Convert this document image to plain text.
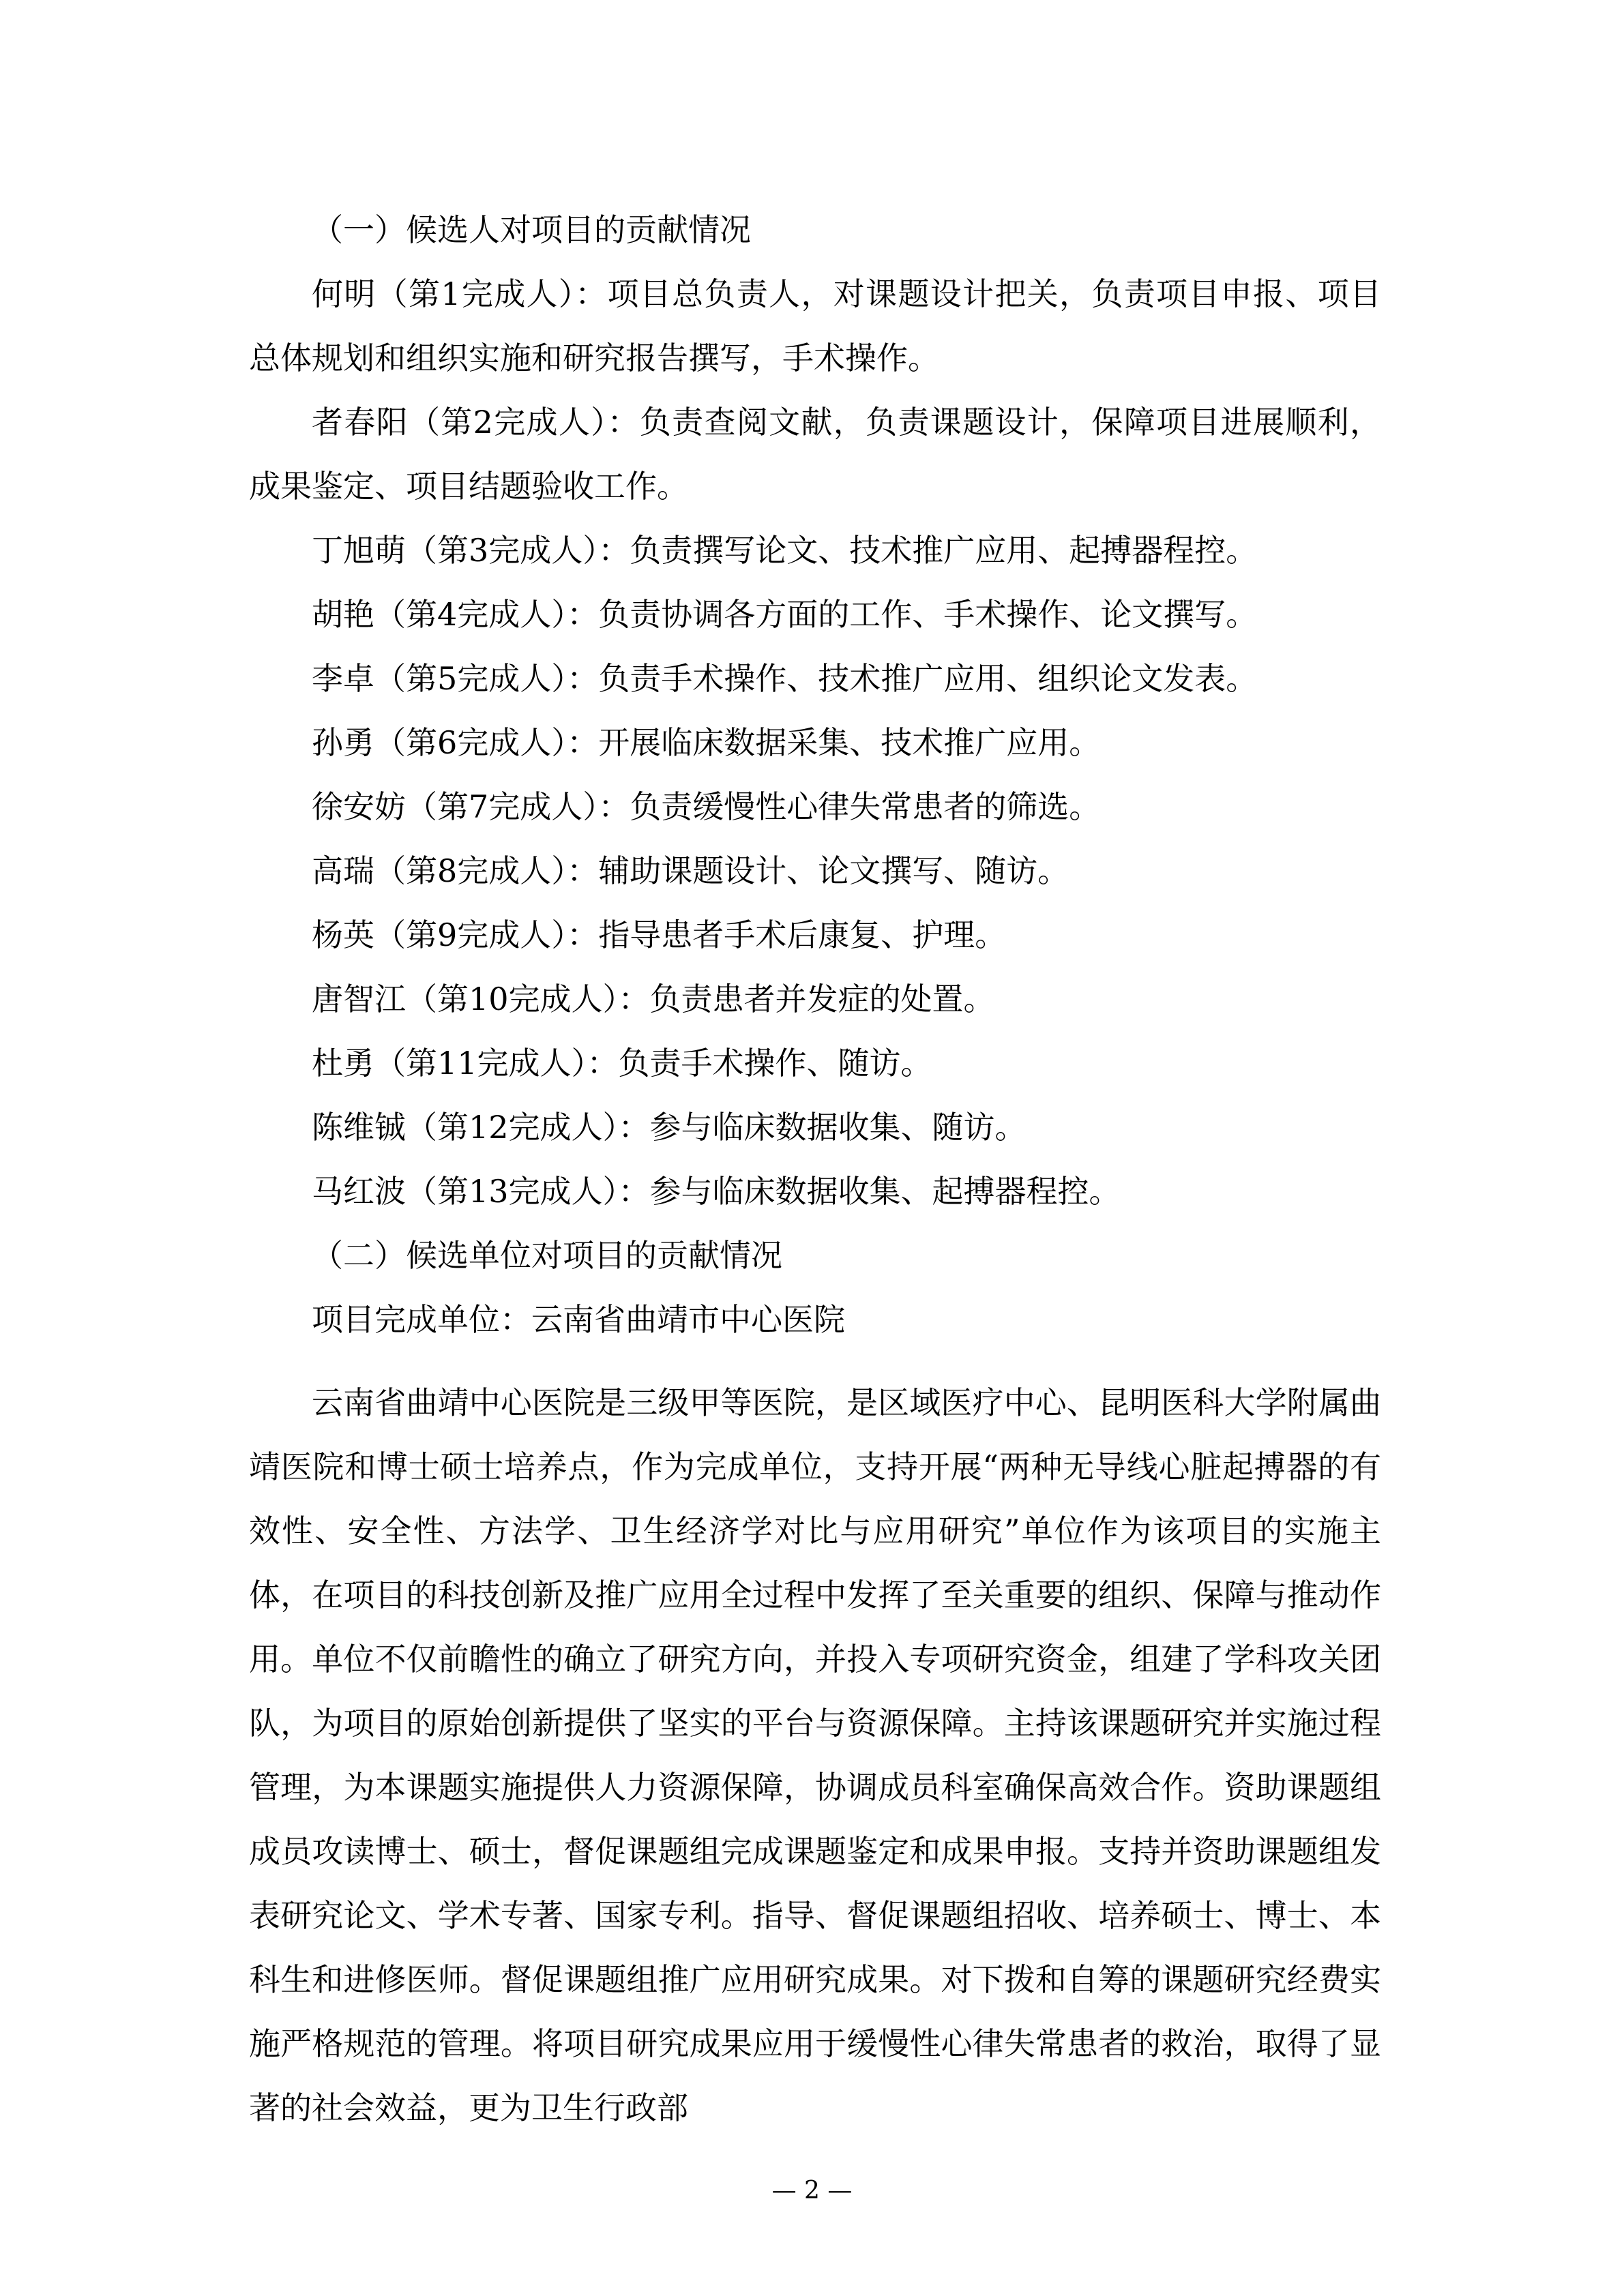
（一）候选人对项目的贡献情况

何明（第1完成人）：项目总负责人，对课题设计把关，负责项目申报、项目总体规划和组织实施和研究报告撰写，手术操作。

者春阳（第2完成人）：负责查阅文献，负责课题设计，保障项目进展顺利，成果鉴定、项目结题验收工作。

丁旭萌（第3完成人）：负责撰写论文、技术推广应用、起搏器程控。

胡艳（第4完成人）：负责协调各方面的工作、手术操作、论文撰写。

李卓（第5完成人）：负责手术操作、技术推广应用、组织论文发表。

孙勇（第6完成人）：开展临床数据采集、技术推广应用。

徐安妨（第7完成人）：负责缓慢性心律失常患者的筛选。

高瑞（第8完成人）：辅助课题设计、论文撰写、随访。

杨英（第9完成人）：指导患者手术后康复、护理。

唐智江（第10完成人）：负责患者并发症的处置。

杜勇（第11完成人）：负责手术操作、随访。

陈维铖（第12完成人）：参与临床数据收集、随访。

马红波（第13完成人）：参与临床数据收集、起搏器程控。

（二）候选单位对项目的贡献情况
项目完成单位：云南省曲靖市中心医院

云南省曲靖中心医院是三级甲等医院，是区域医疗中心、昆明医科大学附属曲靖医院和博士硕士培养点，作为完成单位，支持开展“两种无导线心脏起搏器的有效性、安全性、方法学、卫生经济学对比与应用研究”单位作为该项目的实施主体，在项目的科技创新及推广应用全过程中发挥了至关重要的组织、保障与推动作用。单位不仅前瞻性的确立了研究方向，并投入专项研究资金，组建了学科攻关团队，为项目的原始创新提供了坚实的平台与资源保障。主持该课题研究并实施过程管理，为本课题实施提供人力资源保障，协调成员科室确保高效合作。资助课题组成员攻读博士、硕士，督促课题组完成课题鉴定和成果申报。支持并资助课题组发表研究论文、学术专著、国家专利。指导、督促课题组招收、培养硕士、博士、本科生和进修医师。督促课题组推广应用研究成果。对下拨和自筹的课题研究经费实施严格规范的管理。将项目研究成果应用于缓慢性心律失常患者的救治，取得了显著的社会效益，更为卫生行政部

— 2 —
